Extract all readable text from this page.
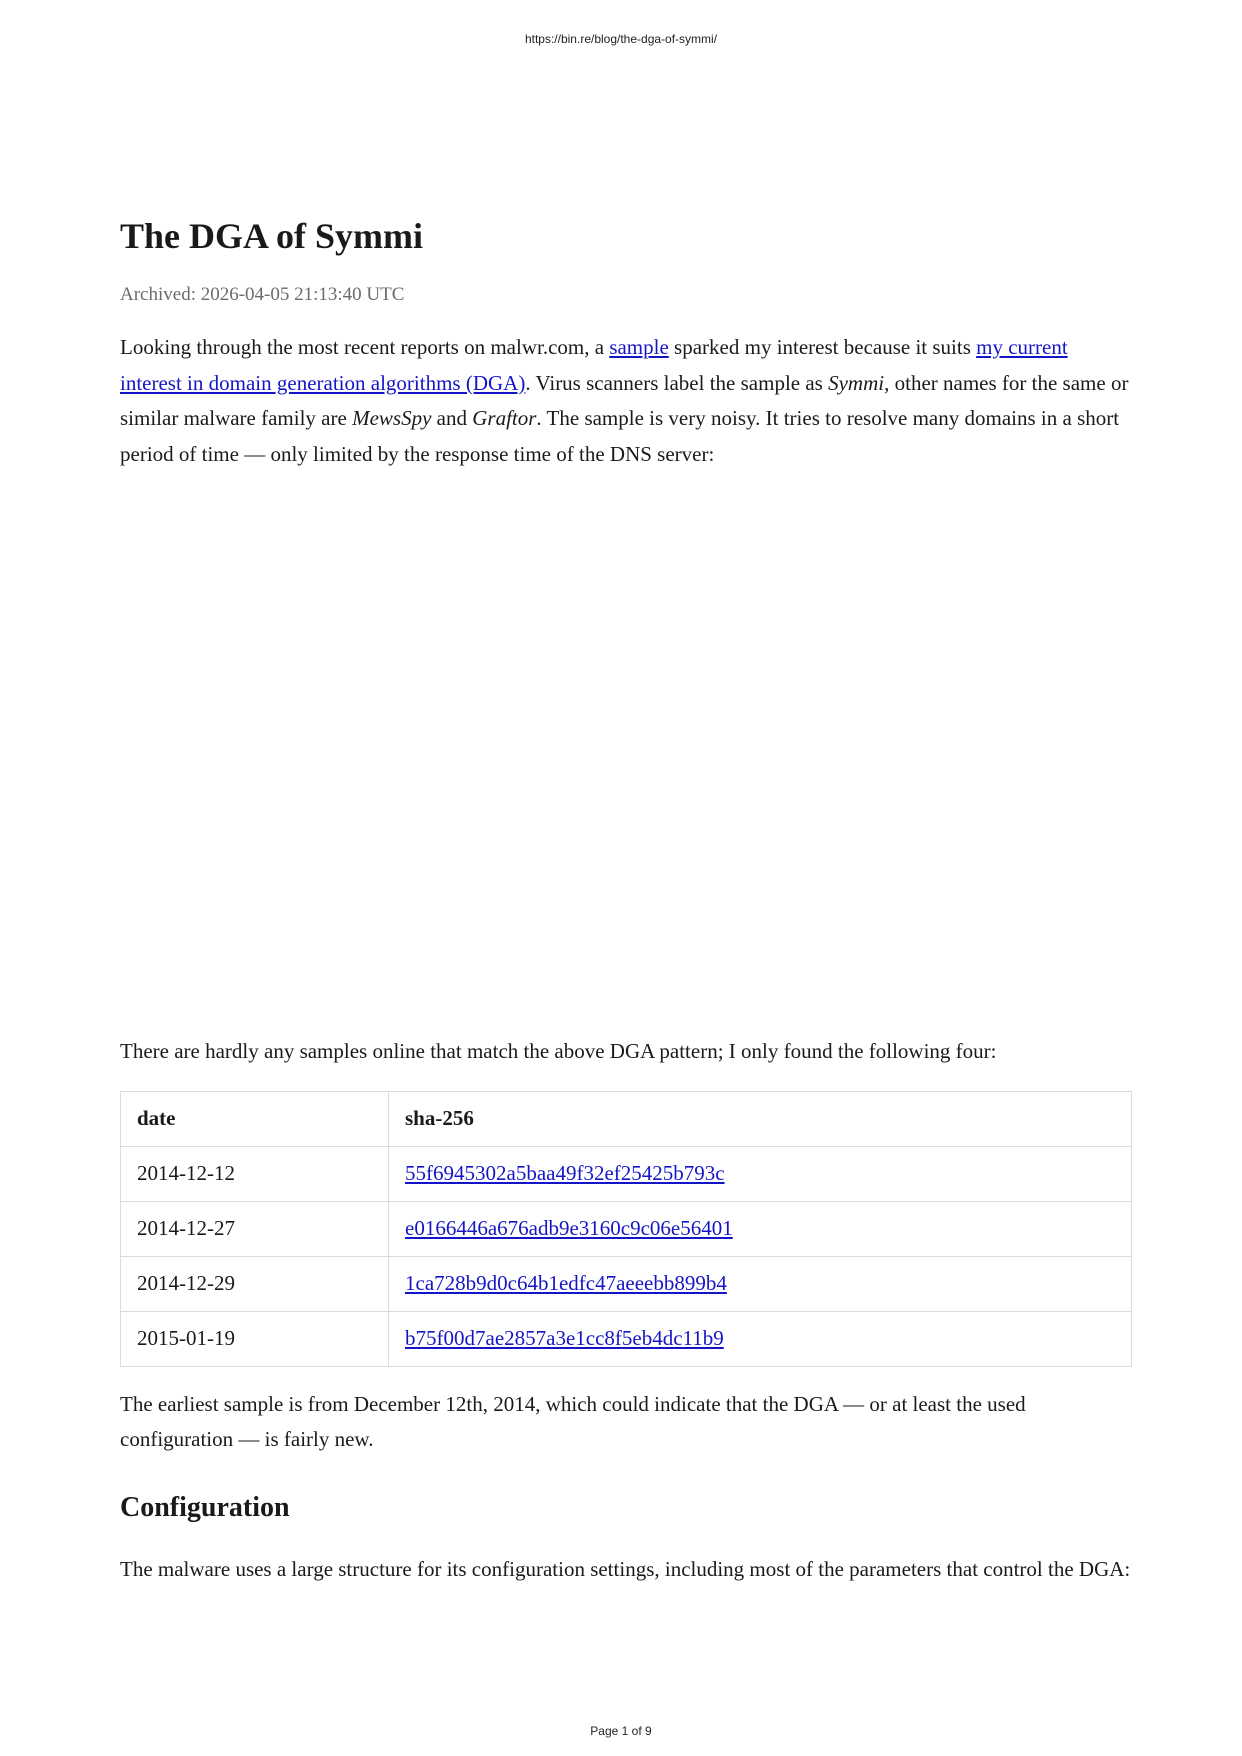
https://bin.re/blog/the-dga-of-symmi/
The DGA of Symmi
Archived: 2026-04-05 21:13:40 UTC

Looking through the most recent reports on malwr.com, a sample sparked my interest because it suits my current interest in domain generation algorithms (DGA). Virus scanners label the sample as Symmi, other names for the same or similar malware family are MewsSpy and Graftor. The sample is very noisy. It tries to resolve many domains in a short period of time — only limited by the response time of the DNS server:

There are hardly any samples online that match the above DGA pattern; I only found the following four:

date	sha-256
2014-12-12	55f6945302a5baa49f32ef25425b793c
2014-12-27	e0166446a676adb9e3160c9c06e56401
2014-12-29	1ca728b9d0c64b1edfc47aeeebb899b4
2015-01-19	b75f00d7ae2857a3e1cc8f5eb4dc11b9

The earliest sample is from December 12th, 2014, which could indicate that the DGA — or at least the used configuration — is fairly new.

Configuration

The malware uses a large structure for its configuration settings, including most of the parameters that control the DGA:

Page 1 of 9
